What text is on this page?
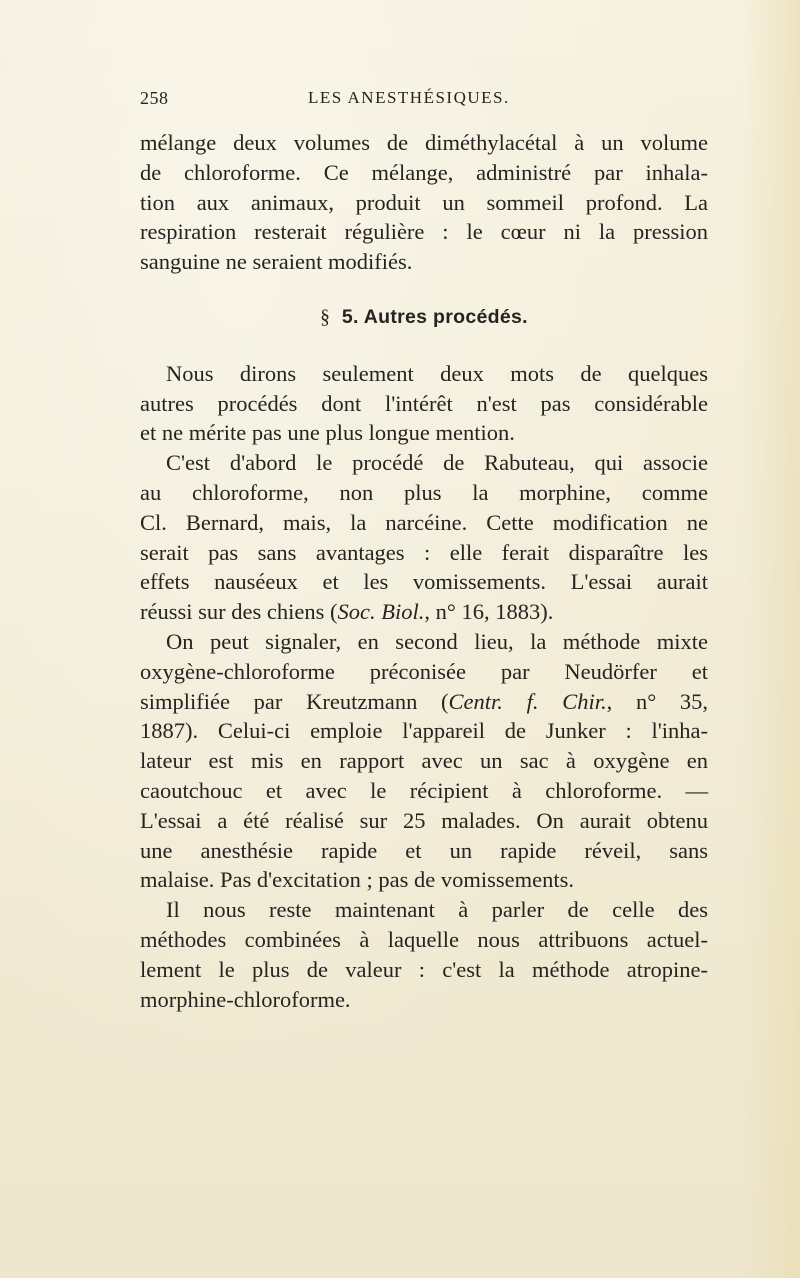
258	LES ANESTHÉSIQUES.
mélange deux volumes de diméthylacétal à un volume
de chloroforme. Ce mélange, administré par inhala-
tion aux animaux, produit un sommeil profond. La
respiration resterait régulière : le cœur ni la pression
sanguine ne seraient modifiés.
§ 5. Autres procédés.
Nous dirons seulement deux mots de quelques
autres procédés dont l'intérêt n'est pas considérable
et ne mérite pas une plus longue mention.
C'est d'abord le procédé de Rabuteau, qui associe
au chloroforme, non plus la morphine, comme
Cl. Bernard, mais, la narcéine. Cette modification ne
serait pas sans avantages : elle ferait disparaître les
effets nauséeux et les vomissements. L'essai aurait
réussi sur des chiens (Soc. Biol., n° 16, 1883).
On peut signaler, en second lieu, la méthode mixte
oxygène-chloroforme préconisée par Neudörfer et
simplifiée par Kreutzmann (Centr. f. Chir., n° 35,
1887). Celui-ci emploie l'appareil de Junker : l'inha-
lateur est mis en rapport avec un sac à oxygène en
caoutchouc et avec le récipient à chloroforme. —
L'essai a été réalisé sur 25 malades. On aurait obtenu
une anesthésie rapide et un rapide réveil, sans
malaise. Pas d'excitation ; pas de vomissements.
Il nous reste maintenant à parler de celle des
méthodes combinées à laquelle nous attribuons actuel-
lement le plus de valeur : c'est la méthode atropine-
morphine-chloroforme.
